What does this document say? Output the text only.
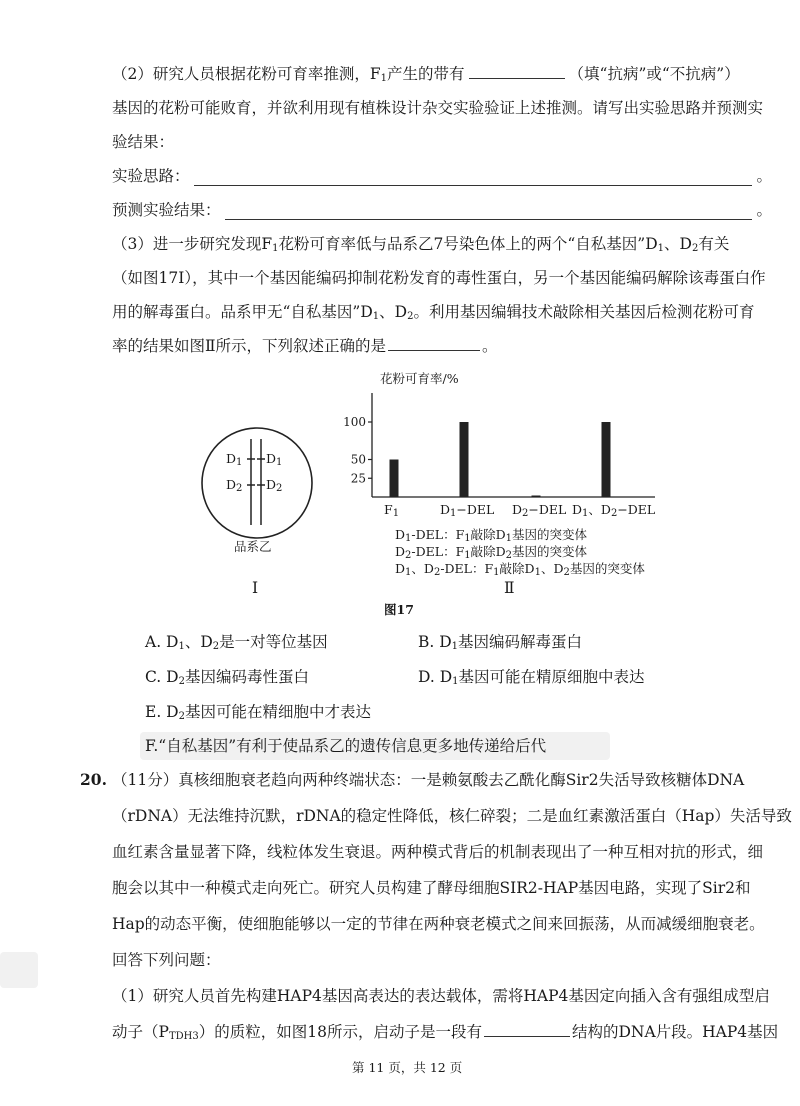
（2）研究人员根据花粉可育率推测，$F_1$产生的带有	（填“抗病”或“不抗病”）
基因的花粉可能败育，并欲利用现有植株设计杂交实验验证上述推测。请写出实验思路并预测实
验结果：
实验思路：	。
预测实验结果：	。
（3）进一步研究发现$F_1$花粉可育率低与品系乙7号染色体上的两个“自私基因$”D_1$、$D_2$有关
（如图17Ⅰ），其中一个基因能编码抑制花粉发育的毒性蛋白，另一个基因能编码解除该毒蛋白作
用的解毒蛋白。品系甲无“自私基因$”D_1$、$D_2$。利用基因编辑技术敲除相关基因后检测花粉可育
率的结果如图Ⅱ所示，下列叙述正确的是	。
$D_1$ $D_1$
$D_2$ $D_2$
品系乙
Ⅰ
花粉可育率/%
25
50
100
$F_1$	$D_1-DEL$ $D_2-DEL$ $D_1$、$D_2-DEL$
$D_1$-DEL：$F_1$敲除$D_1$基因的突变体
$D_2$-DEL：$F_1$敲除$D_2$基因的突变体
$D_1$、$D_2$-DEL：$F_1$敲除$D_1$、$D_2$基因的突变体
Ⅱ
图17
A. $D_1$、$D_2$是一对等位基因	B. $D_1$基因编码解毒蛋白
C. $D_2$基因编码毒性蛋白	D. $D_1$基因可能在精原细胞中表达
E. $D_2$基因可能在精细胞中才表达
F.“自私基因”有利于使品系乙的遗传信息更多地传递给后代
20. （11分）真核细胞衰老趋向两种终端状态：一是赖氨酸去乙酰化酶Sir2失活导致核糖体DNA
（rDNA）无法维持沉默，rDNA的稳定性降低，核仁碎裂；二是血红素激活蛋白（Hap）失活导致
血红素含量显著下降，线粒体发生衰退。两种模式背后的机制表现出了一种互相对抗的形式，细
胞会以其中一种模式走向死亡。研究人员构建了酵母细胞SIR2-HAP基因电路，实现了Sir2和
Hap的动态平衡，使细胞能够以一定的节律在两种衰老模式之间来回振荡，从而减缓细胞衰老。
回答下列问题：
（1）研究人员首先构建HAP4基因高表达的表达载体，需将HAP4基因定向插入含有强组成型启
动子$(P_{TDH3})$的质粒，如图18所示，启动子是一段有	结构的DNA片段。HAP4基因
第 11 页，共 12 页
